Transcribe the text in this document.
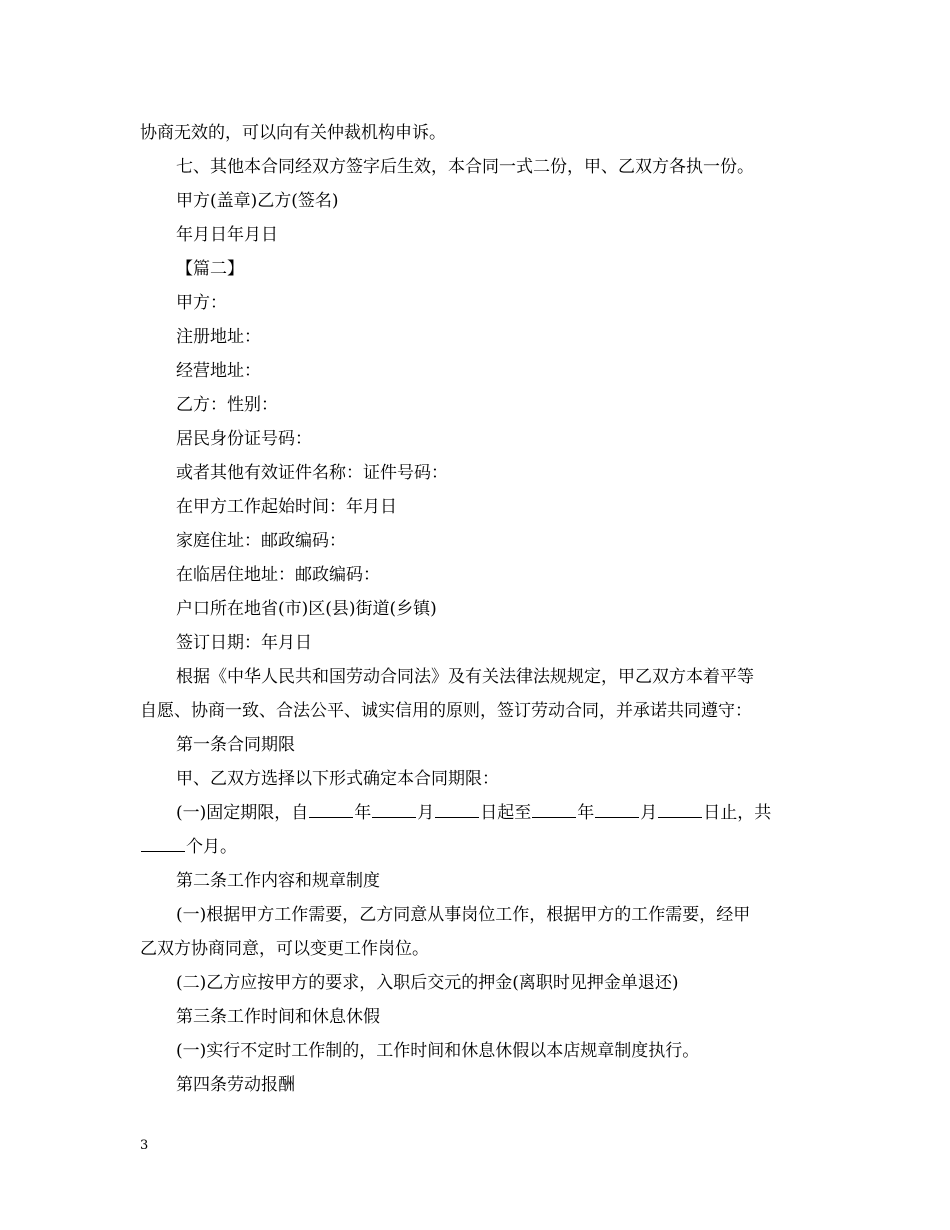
协商无效的，可以向有关仲裁机构申诉。
七、其他本合同经双方签字后生效，本合同一式二份，甲、乙双方各执一份。
甲方(盖章)乙方(签名)
年月日年月日
【篇二】
甲方：
注册地址：
经营地址：
乙方：性别：
居民身份证号码：
或者其他有效证件名称：证件号码：
在甲方工作起始时间：年月日
家庭住址：邮政编码：
在临居住地址：邮政编码：
户口所在地省(市)区(县)街道(乡镇)
签订日期：年月日
根据《中华人民共和国劳动合同法》及有关法律法规规定，甲乙双方本着平等
自愿、协商一致、合法公平、诚实信用的原则，签订劳动合同，并承诺共同遵守：
第一条合同期限
甲、乙双方选择以下形式确定本合同期限：
(一)固定期限，自	年	月	日起至	年	月	日止，共
个月。
第二条工作内容和规章制度
(一)根据甲方工作需要，乙方同意从事岗位工作，根据甲方的工作需要，经甲
乙双方协商同意，可以变更工作岗位。
(二)乙方应按甲方的要求，入职后交元的押金(离职时见押金单退还)
第三条工作时间和休息休假
(一)实行不定时工作制的，工作时间和休息休假以本店规章制度执行。
第四条劳动报酬
3
